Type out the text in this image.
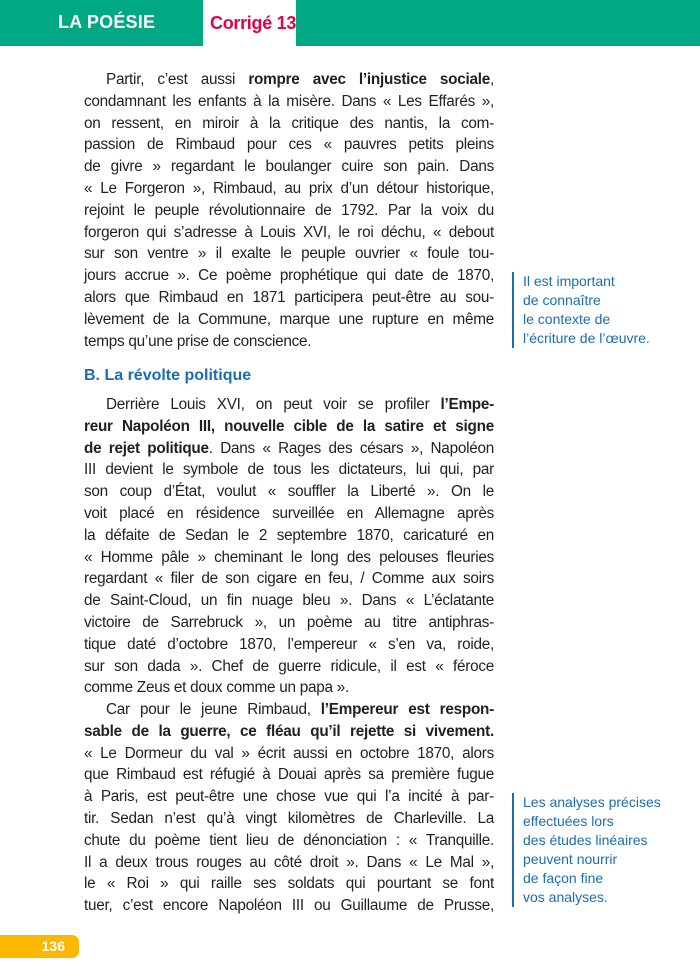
LA POÉSIE	Corrigé 13
Partir, c’est aussi rompre avec l’injustice sociale,
condamnant les enfants à la misère. Dans « Les Effarés »,
on ressent, en miroir à la critique des nantis, la com-
passion de Rimbaud pour ces « pauvres petits pleins
de givre » regardant le boulanger cuire son pain. Dans
« Le Forgeron », Rimbaud, au prix d’un détour historique,
rejoint le peuple révolutionnaire de 1792. Par la voix du
forgeron qui s’adresse à Louis XVI, le roi déchu, « debout
sur son ventre » il exalte le peuple ouvrier « foule tou-
jours accrue ». Ce poème prophétique qui date de 1870,
alors que Rimbaud en 1871 participera peut-être au sou-
lèvement de la Commune, marque une rupture en même
temps qu’une prise de conscience.
B. La révolte politique
Derrière Louis XVI, on peut voir se profiler l’Empe-
reur Napoléon III, nouvelle cible de la satire et signe
de rejet politique. Dans « Rages des césars », Napoléon
III devient le symbole de tous les dictateurs, lui qui, par
son coup d’État, voulut « souffler la Liberté ». On le
voit placé en résidence surveillée en Allemagne après
la défaite de Sedan le 2 septembre 1870, caricaturé en
« Homme pâle » cheminant le long des pelouses fleuries
regardant « filer de son cigare en feu, / Comme aux soirs
de Saint-Cloud, un fin nuage bleu ». Dans « L’éclatante
victoire de Sarrebruck », un poème au titre antiphras-
tique daté d’octobre 1870, l’empereur « s’en va, roide,
sur son dada ». Chef de guerre ridicule, il est « féroce
comme Zeus et doux comme un papa ».
Car pour le jeune Rimbaud, l’Empereur est respon-
sable de la guerre, ce fléau qu’il rejette si vivement.
« Le Dormeur du val » écrit aussi en octobre 1870, alors
que Rimbaud est réfugié à Douai après sa première fugue
à Paris, est peut-être une chose vue qui l’a incité à par-
tir. Sedan n’est qu’à vingt kilomètres de Charleville. La
chute du poème tient lieu de dénonciation : « Tranquille.
Il a deux trous rouges au côté droit ». Dans « Le Mal »,
le « Roi » qui raille ses soldats qui pourtant se font
tuer, c’est encore Napoléon III ou Guillaume de Prusse,
Il est important
de connaître
le contexte de
l’écriture de l’œuvre.
Les analyses précises
effectuées lors
des études linéaires
peuvent nourrir
de façon fine
vos analyses.
136
